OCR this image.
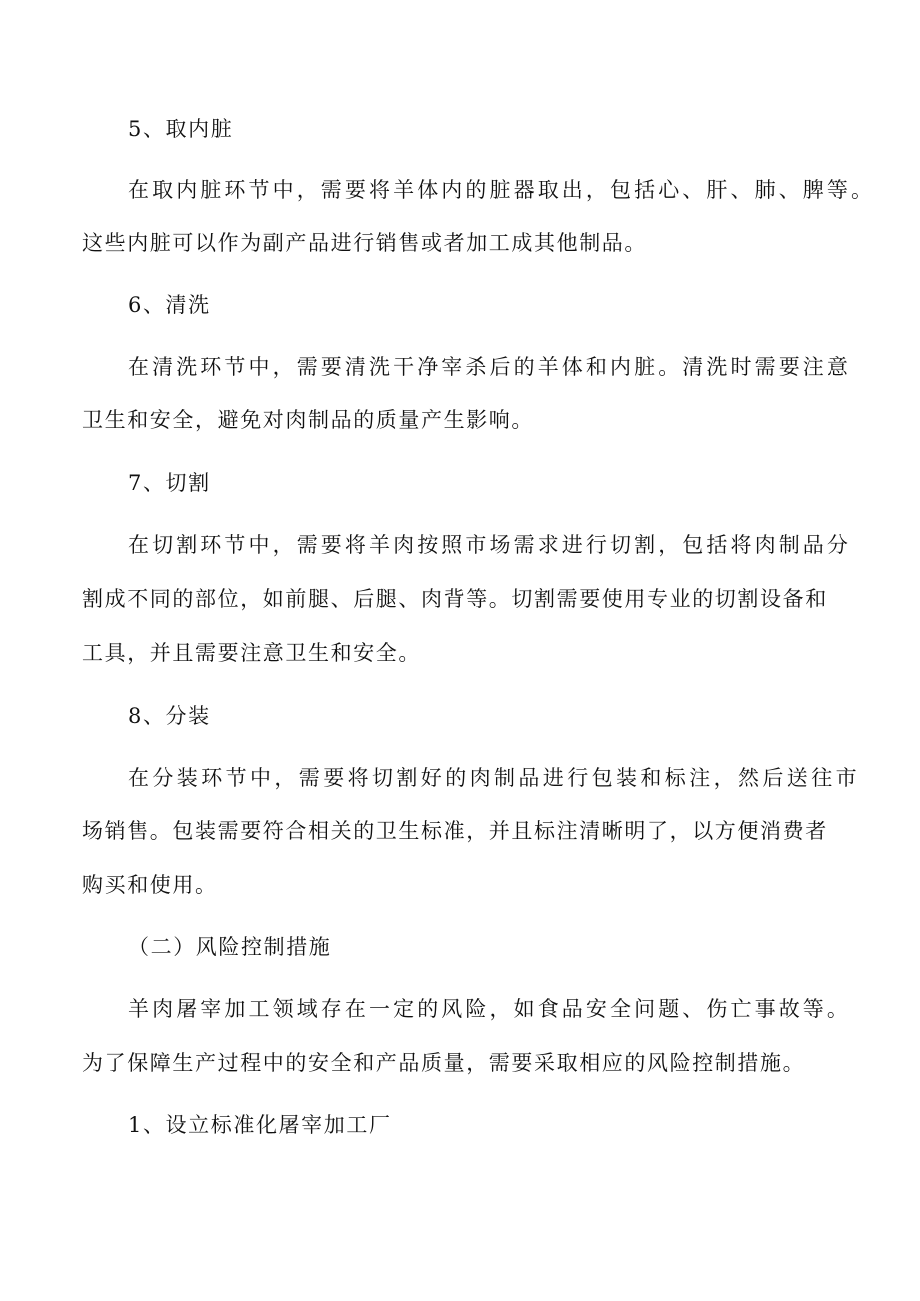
5、取内脏
在取内脏环节中，需要将羊体内的脏器取出，包括心、肝、肺、脾等。
这些内脏可以作为副产品进行销售或者加工成其他制品。
6、清洗
在清洗环节中，需要清洗干净宰杀后的羊体和内脏。清洗时需要注意
卫生和安全，避免对肉制品的质量产生影响。
7、切割
在切割环节中，需要将羊肉按照市场需求进行切割，包括将肉制品分
割成不同的部位，如前腿、后腿、肉背等。切割需要使用专业的切割设备和
工具，并且需要注意卫生和安全。
8、分装
在分装环节中，需要将切割好的肉制品进行包装和标注，然后送往市
场销售。包装需要符合相关的卫生标准，并且标注清晰明了，以方便消费者
购买和使用。
（二）风险控制措施
羊肉屠宰加工领域存在一定的风险，如食品安全问题、伤亡事故等。
为了保障生产过程中的安全和产品质量，需要采取相应的风险控制措施。
1、设立标准化屠宰加工厂
